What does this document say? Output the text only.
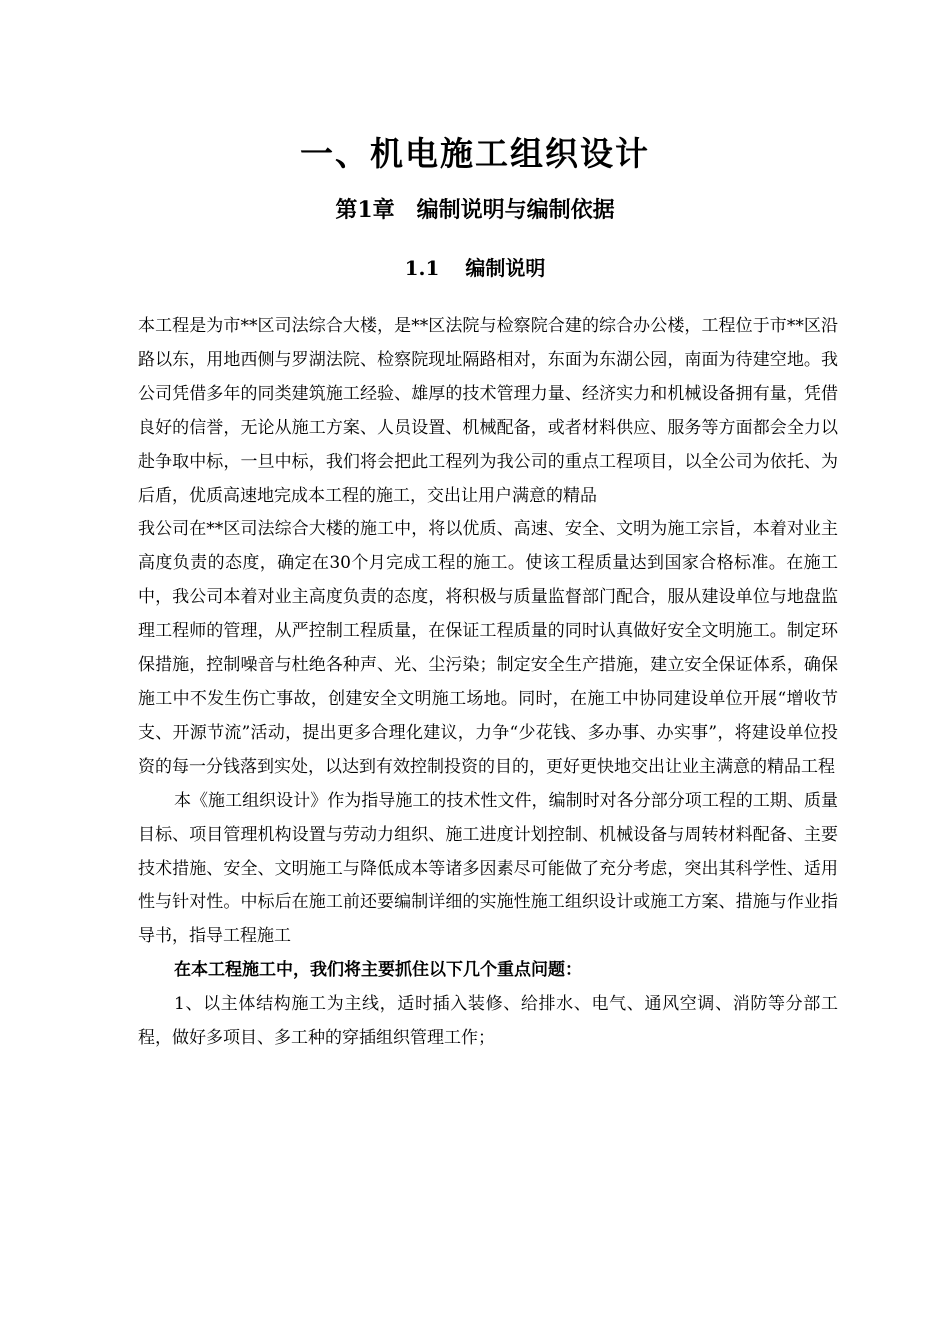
一、机电施工组织设计
第1章 编制说明与编制依据
1.1 编制说明

本工程是为市**区司法综合大楼，是**区法院与检察院合建的综合办公楼，工程位于市**区沿路以东，用地西侧与罗湖法院、检察院现址隔路相对，东面为东湖公园，南面为待建空地。我公司凭借多年的同类建筑施工经验、雄厚的技术管理力量、经济实力和机械设备拥有量，凭借良好的信誉，无论从施工方案、人员设置、机械配备，或者材料供应、服务等方面都会全力以赴争取中标，一旦中标，我们将会把此工程列为我公司的重点工程项目，以全公司为依托、为后盾，优质高速地完成本工程的施工，交出让用户满意的精品

我公司在**区司法综合大楼的施工中，将以优质、高速、安全、文明为施工宗旨，本着对业主高度负责的态度，确定在30个月完成工程的施工。使该工程质量达到国家合格标准。在施工中，我公司本着对业主高度负责的态度，将积极与质量监督部门配合，服从建设单位与地盘监理工程师的管理，从严控制工程质量，在保证工程质量的同时认真做好安全文明施工。制定环保措施，控制噪音与杜绝各种声、光、尘污染；制定安全生产措施，建立安全保证体系，确保施工中不发生伤亡事故，创建安全文明施工场地。同时，在施工中协同建设单位开展“增收节支、开源节流”活动，提出更多合理化建议，力争“少花钱、多办事、办实事”，将建设单位投资的每一分钱落到实处，以达到有效控制投资的目的，更好更快地交出让业主满意的精品工程

本《施工组织设计》作为指导施工的技术性文件，编制时对各分部分项工程的工期、质量目标、项目管理机构设置与劳动力组织、施工进度计划控制、机械设备与周转材料配备、主要技术措施、安全、文明施工与降低成本等诸多因素尽可能做了充分考虑，突出其科学性、适用性与针对性。中标后在施工前还要编制详细的实施性施工组织设计或施工方案、措施与作业指导书，指导工程施工

在本工程施工中，我们将主要抓住以下几个重点问题：

1、以主体结构施工为主线，适时插入装修、给排水、电气、通风空调、消防等分部工程，做好多项目、多工种的穿插组织管理工作；
